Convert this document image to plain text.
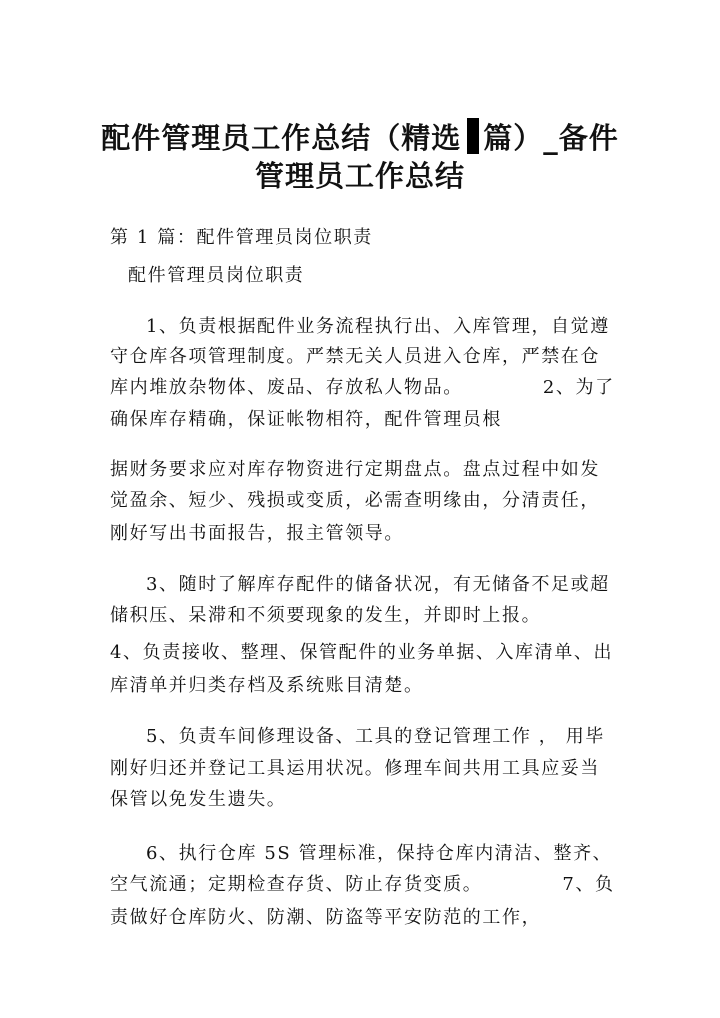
配件管理员工作总结（精选 篇）_备件
管理员工作总结
第 1 篇：配件管理员岗位职责
配件管理员岗位职责
1、负责根据配件业务流程执行出、入库管理，自觉遵
守仓库各项管理制度。严禁无关人员进入仓库，严禁在仓
库内堆放杂物体、废品、存放私人物品。	2、为了
确保库存精确，保证帐物相符，配件管理员根
据财务要求应对库存物资进行定期盘点。盘点过程中如发
觉盈余、短少、残损或变质，必需查明缘由，分清责任，
刚好写出书面报告，报主管领导。
3、随时了解库存配件的储备状况，有无储备不足或超
储积压、呆滞和不须要现象的发生，并即时上报。
4、负责接收、整理、保管配件的业务单据、入库清单、出
库清单并归类存档及系统账目清楚。
5、负责车间修理设备、工具的登记管理工作 ， 用毕
刚好归还并登记工具运用状况。修理车间共用工具应妥当
保管以免发生遗失。
6、执行仓库 5S 管理标准，保持仓库内清洁、整齐、
空气流通；定期检查存货、防止存货变质。	7、负
责做好仓库防火、防潮、防盗等平安防范的工作，
